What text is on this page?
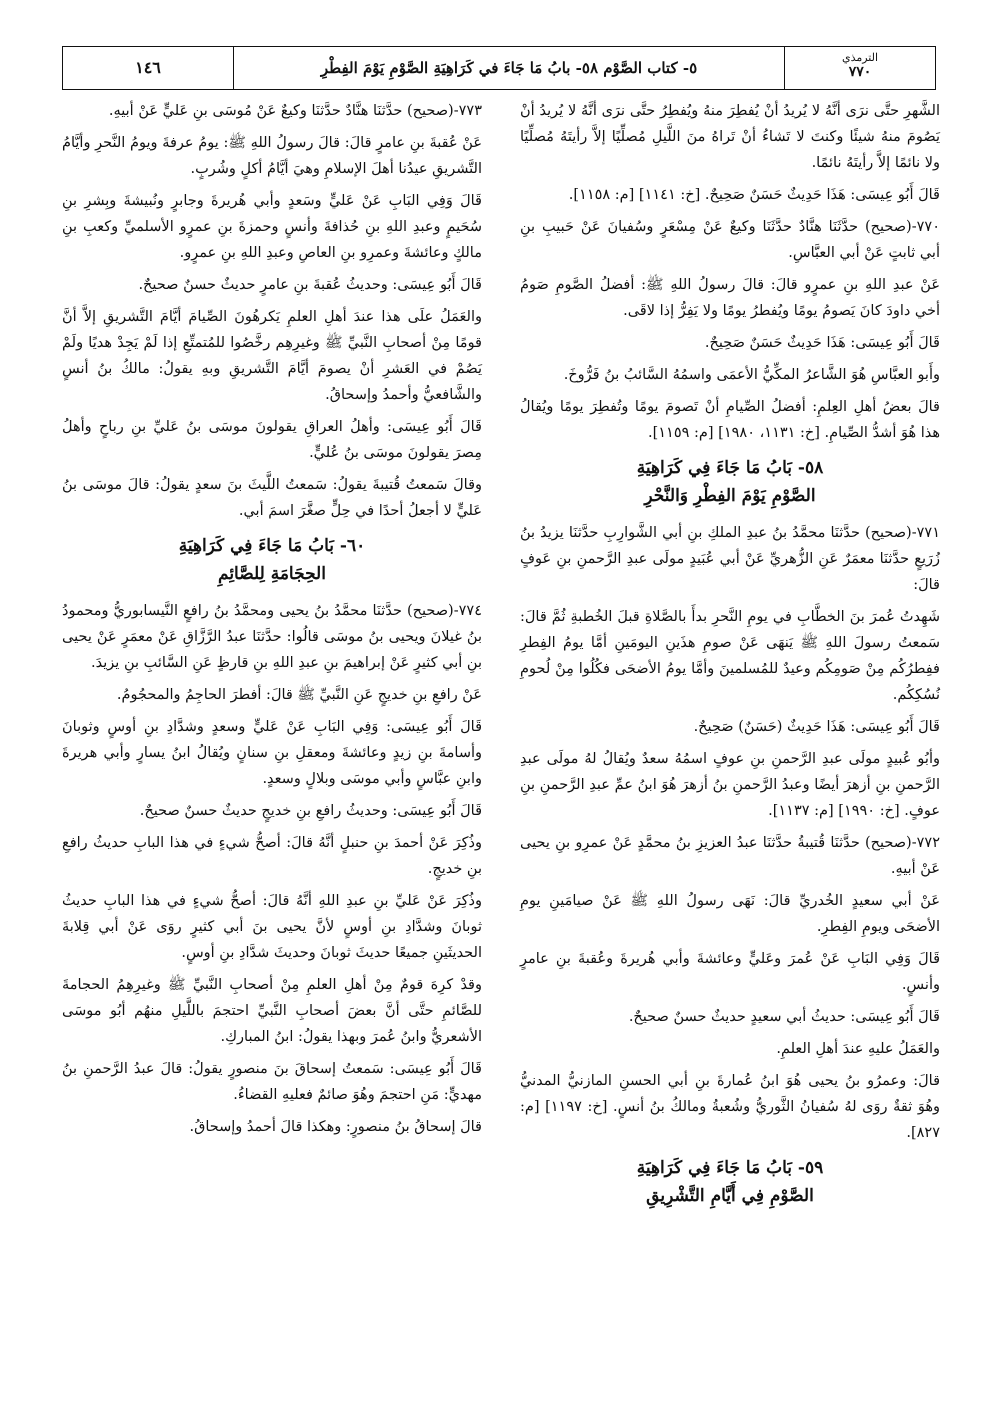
الترمذي
٧٧٠
٥- كتاب الصَّوْم ٥٨- بابُ مَا جَاءَ في كَرَاهِيَةِ الصَّوْمِ يَوْمَ الفِطْرِ
١٤٦

الشَّهرِ حتَّى نرَى أنَّهُ لا يُريدُ أنْ يُفطِرَ منهُ ويُفطِرُ حتَّى نرَى أنَّهُ لا يُريدُ أنْ يَصُومَ منهُ شيئًا وكنتَ لا تَشاءُ أنْ تَراهُ منَ اللَّيلِ مُصلِّيًا إلاَّ رأيتَهُ مُصلِّيًا ولا نائمًا إلاَّ رأيتَهُ نائمًا.

قَالَ أَبُو عِيسَى: هَذَا حَدِيثٌ حَسَنٌ صَحِيحٌ. [خ: ١١٤١] [م: ١١٥٨].

٧٧٠-(صحيح) حدَّثَنَا هنَّادٌ حدَّثَنَا وكيعٌ عَنْ مِسْعَرٍ وسُفيانَ عَنْ حَبيبِ بنِ أبي ثابتٍ عَنْ أبي العبَّاسِ.

عَنْ عبدِ اللهِ بنِ عمرٍو قالَ: قالَ رسولُ اللهِ ﷺ: أفضلُ الصَّومِ صَومُ أخي داودَ كانَ يَصومُ يومًا ويُفطرُ يومًا ولا يَفِرُّ إذا لاقَى.

قَالَ أَبُو عِيسَى: هَذَا حَدِيثٌ حَسَنٌ صَحِيحٌ.

وأَبو العبَّاسِ هُوَ الشَّاعرُ المكِّيُّ الأعمَى واسمُهُ السَّائبُ بنُ فَرُّوخَ.

قالَ بعضُ أهلِ العِلمِ: أفضلُ الصِّيامِ أنْ تَصومَ يومًا وتُفطِرَ يومًا ويُقالُ هذا هُوَ أشدُّ الصِّيامِ. [خ: ١١٣١، ١٩٨٠] [م: ١١٥٩].

٥٨- بَابُ مَا جَاءَ فِي كَرَاهِيَةِ
الصَّوْمِ يَوْمَ الفِطْرِ وَالنَّحْرِ

٧٧١-(صحيح) حدَّثنَا محمَّدُ بنُ عبدِ الملكِ بنِ أبي الشَّوارِبِ حدَّثنَا يزيدُ بنُ زُرَيعٍ حدَّثنَا معمَرٌ عَنِ الزُّهريِّ عَنْ أبي عُبَيدٍ مولَى عبدِ الرَّحمنِ بنِ عَوفٍ قالَ:

شَهِدتُ عُمرَ بنَ الخطَّابِ في يومِ النَّحرِ بدأَ بالصَّلاةِ قبلَ الخُطبةِ ثُمَّ قالَ: سَمعتُ رسولَ اللهِ ﷺ يَنهَى عَنْ صومِ هذَينِ اليومَينِ أمَّا يومُ الفِطرِ ففِطرُكُم مِنْ صَومِكُم وعيدٌ للمُسلمينَ وأمَّا يومُ الأضحَى فكُلُوا مِنْ لُحومِ نُسُكِكُم.

قَالَ أَبُو عِيسَى: هَذَا حَدِيثٌ (حَسَنٌ) صَحِيحٌ.

وأبُو عُبيدٍ مولَى عبدِ الرَّحمنِ بنِ عوفٍ اسمُهُ سعدٌ ويُقالُ لهُ مولَى عبدِ الرَّحمنِ بنِ أزهرَ أيضًا وعبدُ الرَّحمنِ بنُ أزهرَ هُوَ ابنُ عمِّ عبدِ الرَّحمنِ بنِ عوفٍ. [خ: ١٩٩٠] [م: ١١٣٧].

٧٧٢-(صحيح) حدَّثنَا قُتيبةُ حدَّثنَا عبدُ العزيزِ بنُ محمَّدٍ عَنْ عمرِو بنِ يحيى عَنْ أبيهِ.

عَنْ أبي سعيدٍ الخُدريِّ قالَ: نَهَى رسولُ اللهِ ﷺ عَنْ صيامَينِ يومِ الأضحَى ويومِ الفِطرِ.

قَالَ وَفِي البَابِ عَنْ عُمرَ وعَليٍّ وعائشةَ وأبي هُريرةَ وعُقبةَ بنِ عامرٍ وأنسٍ.

قَالَ أَبُو عِيسَى: حديثُ أبي سعيدٍ حديثٌ حسنٌ صحيحٌ.

والعَمَلُ عليهِ عندَ أهلِ العلمِ.

قالَ: وعمرُو بنُ يحيى هُوَ ابنُ عُمارةَ بنِ أبي الحسنِ المازنيُّ المدنيُّ وهُوَ ثقةٌ روَى لهُ سُفيانُ الثَّوريُّ وشُعبةُ ومالكُ بنُ أنسٍ. [خ: ١١٩٧] [م: ٨٢٧].

٥٩- بَابُ مَا جَاءَ فِي كَرَاهِيَةِ
الصَّوْمِ فِي أَيَّامِ التَّشْرِيقِ

٧٧٣-(صحيح) حدَّثنَا هنَّادٌ حدَّثنَا وكيعٌ عَنْ مُوسَى بنِ عَليٍّ عَنْ أبيهِ.

عَنْ عُقبةَ بنِ عامرٍ قالَ: قالَ رسولُ اللهِ ﷺ: يومُ عرفةَ ويومُ النَّحرِ وأيَّامُ التَّشريقِ عيدُنا أهلَ الإسلامِ وهيَ أيَّامُ أكلٍ وشُربٍ.

قَالَ وَفِي البَابِ عَنْ عَليٍّ وسَعدٍ وأبي هُريرةَ وجابرٍ ونُبيشةَ وبِشرِ بنِ سُحَيمٍ وعبدِ اللهِ بنِ حُذافةَ وأنسٍ وحمزةَ بنِ عمرٍو الأسلميِّ وكعبِ بنِ مالكٍ وعائشةَ وعمرِو بنِ العاصِ وعبدِ اللهِ بنِ عمرٍو.

قَالَ أَبُو عِيسَى: وحديثُ عُقبةَ بنِ عامرٍ حديثٌ حسنٌ صحيحٌ.

والعَمَلُ علَى هذا عندَ أهلِ العلمِ يَكرهُونَ الصِّيامَ أيَّامَ التَّشريقِ إلاَّ أنَّ قومًا مِنْ أصحابِ النَّبيِّ ﷺ وغيرِهِم رخَّصُوا للمُتمتِّعِ إذا لَمْ يَجِدْ هديًا ولَمْ يَصُمْ في العَشرِ أنْ يصومَ أيَّامَ التَّشريقِ وبهِ يقولُ: مالكُ بنُ أنسٍ والشَّافعيُّ وأحمدُ وإسحاقُ.

قَالَ أَبُو عِيسَى: وأهلُ العراقِ يقولونَ موسَى بنُ عَليِّ بنِ رباحٍ وأهلُ مِصرَ يقولونَ موسَى بنُ عُليٍّ.

وقالَ سَمعتُ قُتيبةَ يقولُ: سَمعتُ اللَّيثَ بنَ سعدٍ يقولُ: قالَ موسَى بنُ عَليٍّ لا أجعلُ أحدًا في حِلٍّ صغَّرَ اسمَ أبي.

٦٠- بَابُ مَا جَاءَ فِي كَرَاهِيَةِ
الحِجَامَةِ لِلصَّائِمِ

٧٧٤-(صحيح) حدَّثنَا محمَّدُ بنُ يحيى ومحمَّدُ بنُ رافعٍ النَّيسابوريُّ ومحمودُ بنُ غيلانَ ويحيى بنُ موسَى قالُوا: حدَّثنَا عبدُ الرَّزَّاقِ عَنْ معمَرٍ عَنْ يحيى بنِ أبي كثيرٍ عَنْ إبراهيمَ بنِ عبدِ اللهِ بنِ قارظٍ عَنِ السَّائبِ بنِ يزيدَ.

عَنْ رافعِ بنِ خديجٍ عَنِ النَّبيِّ ﷺ قالَ: أفطرَ الحاجِمُ والمحجُومُ.

قَالَ أَبُو عِيسَى: وَفِي البَابِ عَنْ عَليٍّ وسعدٍ وشدَّادِ بنِ أوسٍ وثوبانَ وأسامةَ بنِ زيدٍ وعائشةَ ومعقلِ بنِ سنانٍ ويُقالُ ابنُ يسارٍ وأبي هريرةَ وابنِ عبَّاسٍ وأبي موسَى وبلالٍ وسعدٍ.

قَالَ أَبُو عِيسَى: وحديثُ رافعِ بنِ خديجٍ حديثٌ حسنٌ صحيحٌ.

وذُكِرَ عَنْ أحمدَ بنِ حنبلٍ أنَّهُ قالَ: أصحُّ شيءٍ في هذا البابِ حديثُ رافعِ بنِ خديجٍ.

وذُكِرَ عَنْ عَليِّ بنِ عبدِ اللهِ أنَّهُ قالَ: أصحُّ شيءٍ في هذا البابِ حديثُ ثوبانَ وشدَّادِ بنِ أوسٍ لأنَّ يحيى بنَ أبي كثيرٍ روَى عَنْ أبي قِلابةَ الحديثَينِ جميعًا حديثَ ثوبانَ وحديثَ شدَّادِ بنِ أوسٍ.

وقدْ كرِهَ قومٌ مِنْ أهلِ العلمِ مِنْ أصحابِ النَّبيِّ ﷺ وغيرِهِمُ الحجامةَ للصَّائمِ حتَّى أنَّ بعضَ أصحابِ النَّبيِّ احتجمَ باللَّيلِ منهُم أبُو موسَى الأشعريُّ وابنُ عُمرَ وبهذا يقولُ: ابنُ المباركِ.

قَالَ أَبُو عِيسَى: سَمعتُ إسحاقَ بنَ منصورٍ يقولُ: قالَ عبدُ الرَّحمنِ بنُ مهديٍّ: مَنِ احتجمَ وهُوَ صائمٌ فعليهِ القضاءُ.

قالَ إسحاقُ بنُ منصورٍ: وهكذا قالَ أحمدُ وإسحاقُ.
